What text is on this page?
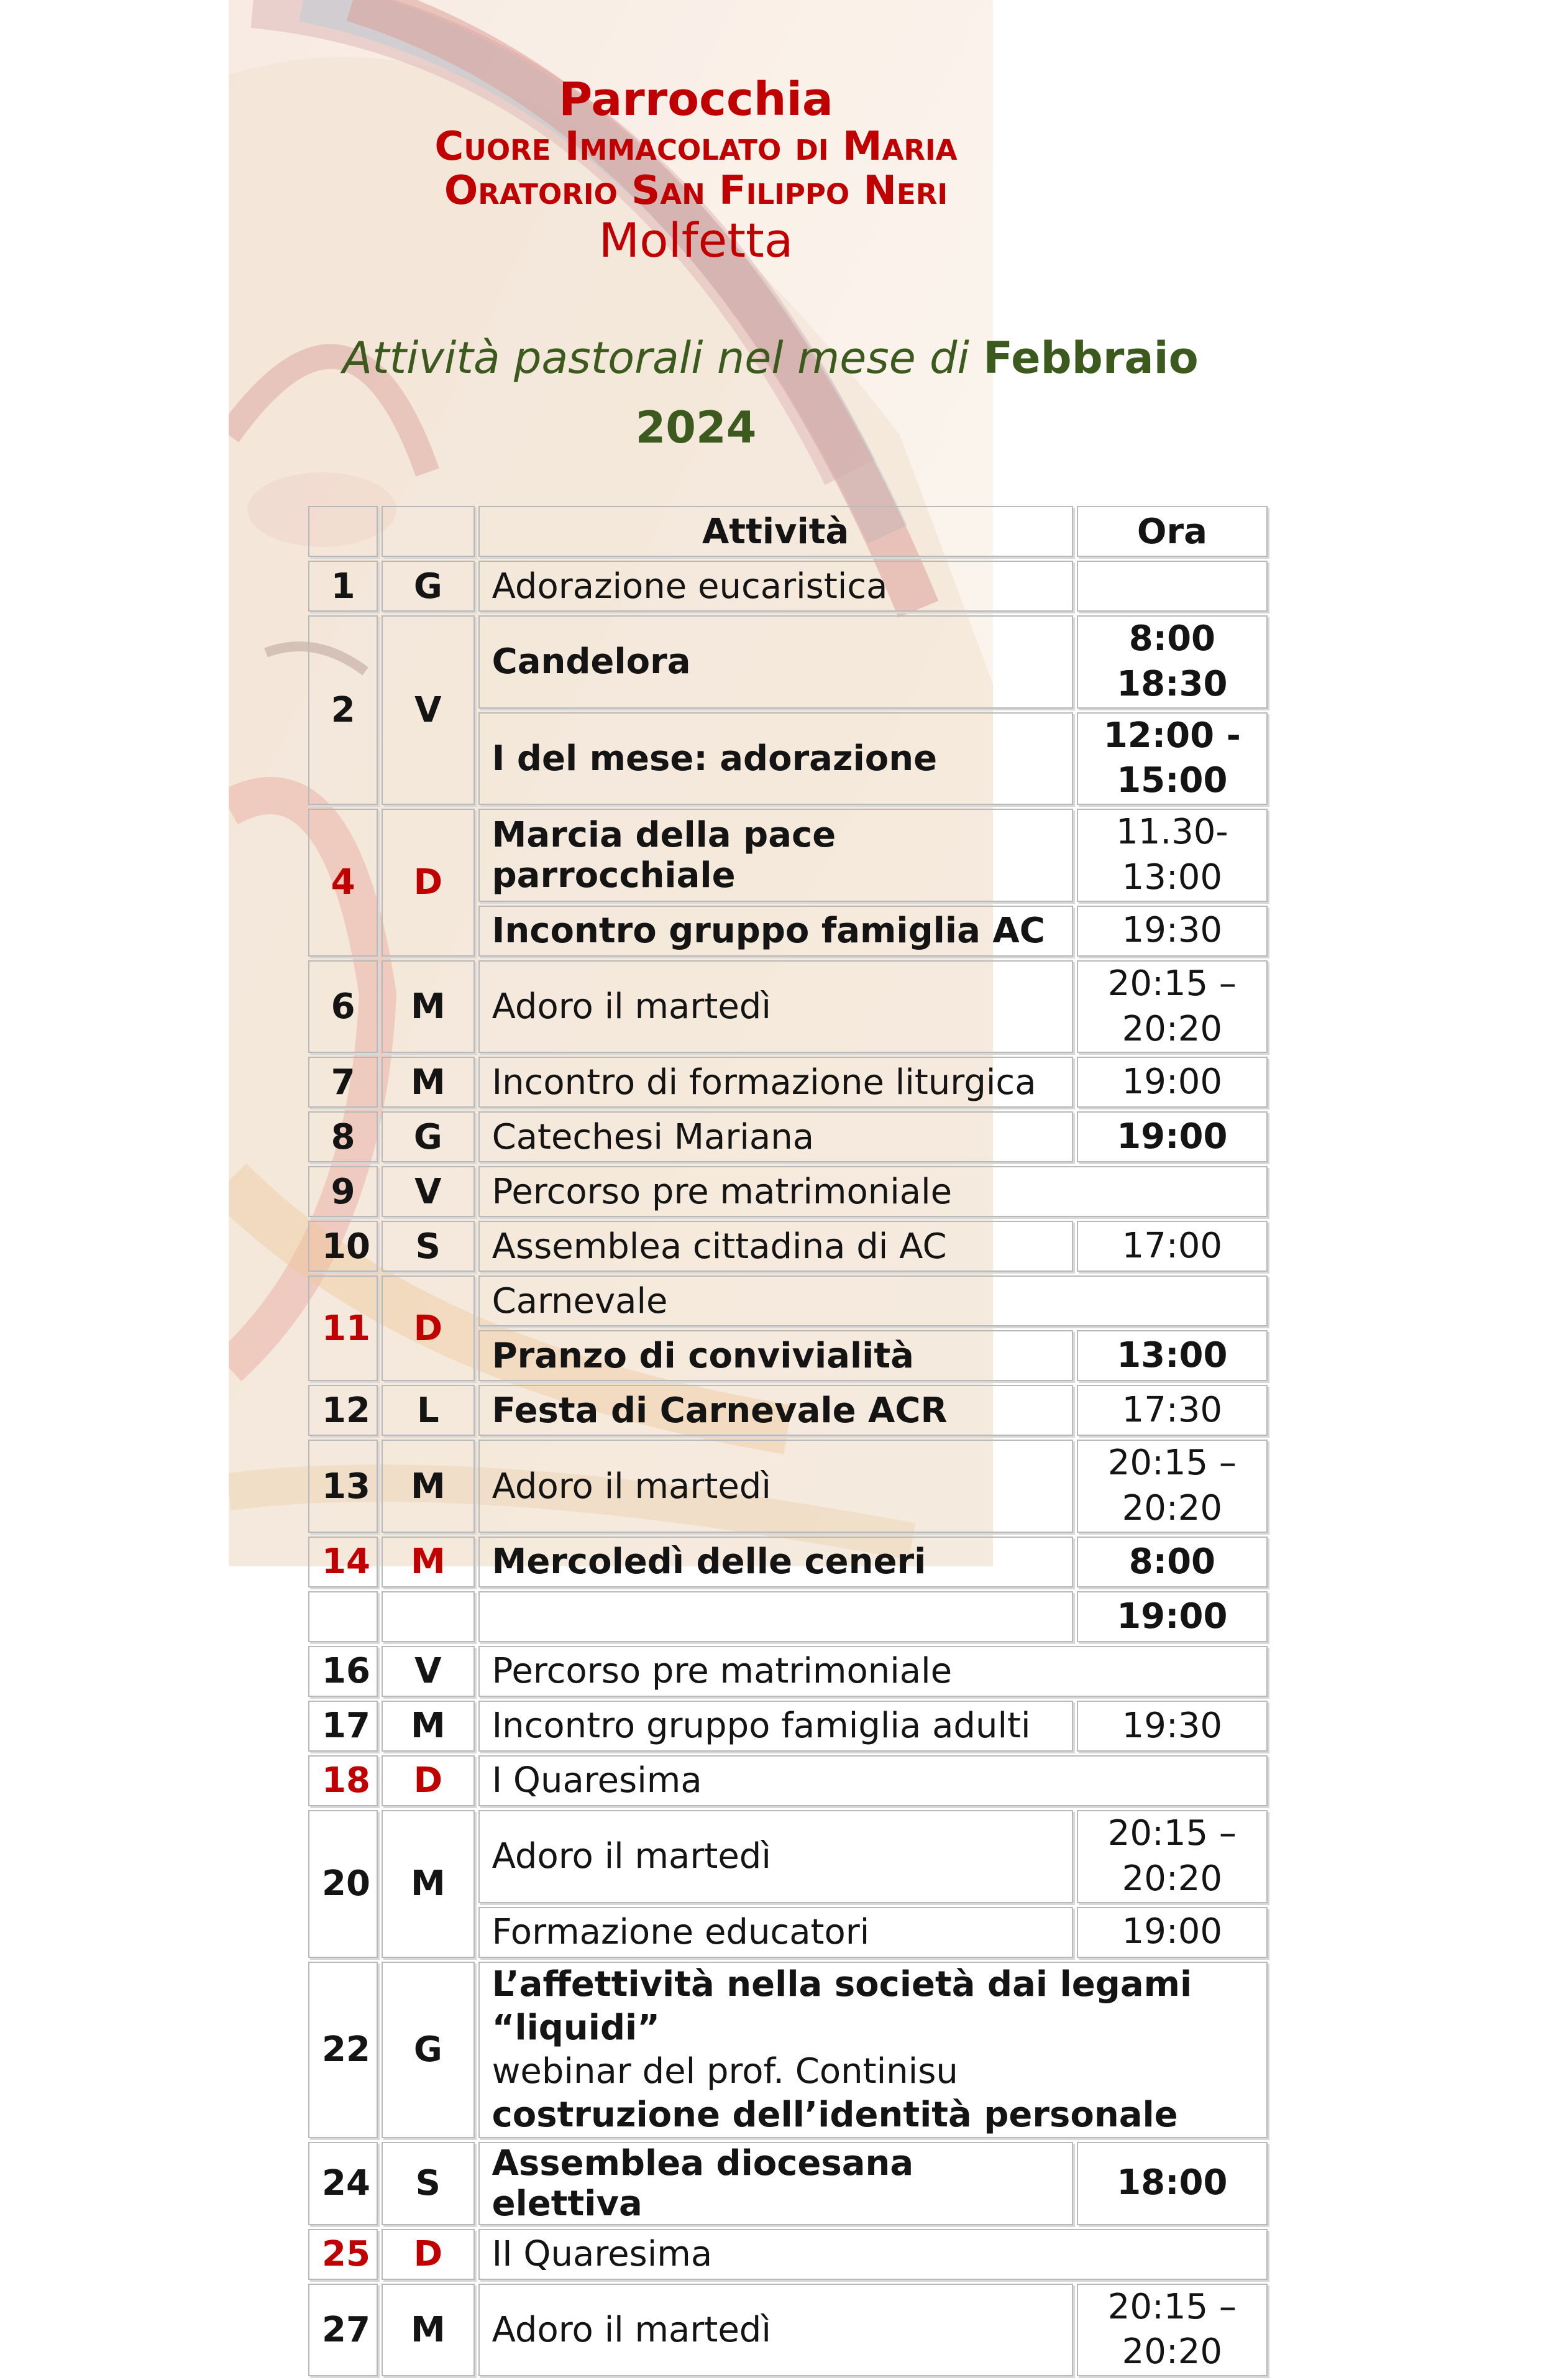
Parrocchia
Cuore Immacolato di Maria
Oratorio San Filippo Neri
Molfetta
Attività pastorali nel mese di Febbraio
2024
		Attività	Ora
1	G	Adorazione eucaristica	
2	V	Candelora	8:00
18:30
		I del mese: adorazione	12:00 -
15:00
4	D	Marcia della pace parrocchiale	11.30-
13:00
		Incontro gruppo famiglia AC	19:30
6	M	Adoro il martedì	20:15 –
20:20
7	M	Incontro di formazione liturgica	19:00
8	G	Catechesi Mariana	19:00
9	V	Percorso pre matrimoniale	
10	S	Assemblea cittadina di AC	17:00
11	D	Carnevale	
		Pranzo di convivialità	13:00
12	L	Festa di Carnevale ACR	17:30
13	M	Adoro il martedì	20:15 –
20:20
14	M	Mercoledì delle ceneri	8:00
			19:00
16	V	Percorso pre matrimoniale	
17	M	Incontro gruppo famiglia adulti	19:30
18	D	I Quaresima	
20	M	Adoro il martedì	20:15 –
20:20
		Formazione educatori	19:00
22	G	L’affettività nella società dai legami “liquidi”
webinar del prof. Continisu
costruzione dell’identità personale	

24	S	Assemblea diocesana elettiva	18:00
25	D	II Quaresima	
27	M	Adoro il martedì	20:15 –
20:20
